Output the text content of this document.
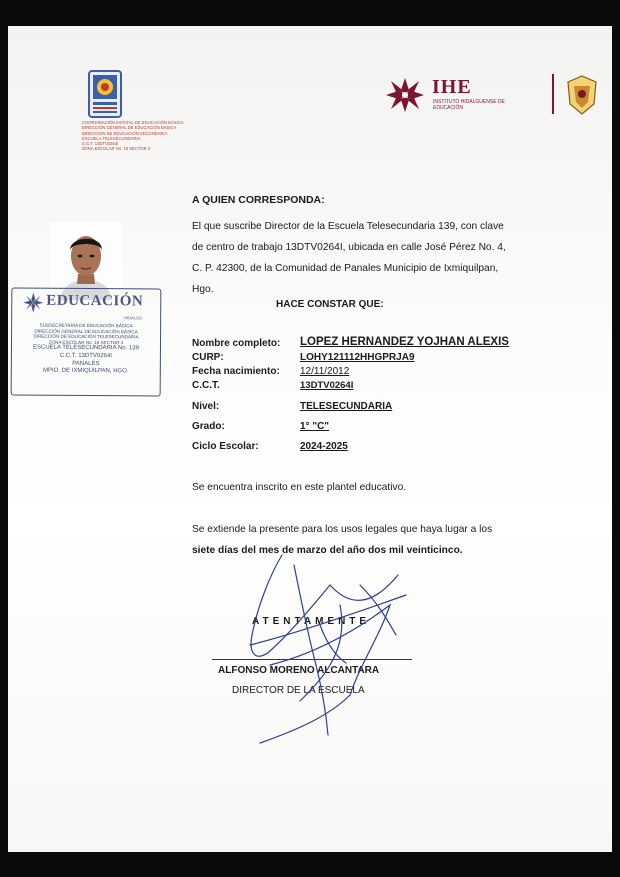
COORDINACIÓN ESTATAL DE EDUCACIÓN BÁSICA
DIRECCIÓN GENERAL DE EDUCACIÓN BÁSICA
DIRECCIÓN DE EDUCACIÓN SECUNDARIA
ESCUELA TELESECUNDARIA
C.C.T. 13DTV0264I
ZONA ESCOLAR No. 16 SECTOR 4
IHE
INSTITUTO HIDALGUENSE DE EDUCACIÓN
EDUCACIÓN
HIDALGO
SUBSECRETARÍA DE EDUCACIÓN BÁSICA
DIRECCIÓN GENERAL DE EDUCACIÓN BÁSICA
DIRECCIÓN DE EDUCACIÓN TELESECUNDARIA
ZONA ESCOLAR No. 16 SECTOR 4
ESCUELA TELESECUNDARIA No. 139
C.C.T. 13DTV0264I
PANALES
MPIO. DE IXMIQUILPAN, HGO.
A QUIEN CORRESPONDA:
El que suscribe Director de la Escuela Telesecundaria 139, con clave
de centro de trabajo 13DTV0264I, ubicada en calle José Pérez No. 4,
C. P. 42300, de la Comunidad de Panales Municipio de Ixmiquilpan,
Hgo.
HACE CONSTAR QUE:
Nombre completo: LOPEZ HERNANDEZ YOJHAN ALEXIS
CURP:	LOHY121112HHGPRJA9
Fecha nacimiento: 12/11/2012
C.C.T.	13DTV0264I
Nivel:	TELESECUNDARIA
Grado:	1° "C"
Ciclo Escolar:	2024-2025
Se encuentra inscrito en este plantel educativo.
Se extiende la presente para los usos legales que haya lugar a los
siete días del mes de marzo del año dos mil veinticinco.
ATENTAMENTE
ALFONSO MORENO ALCANTARA
DIRECTOR DE LA ESCUELA
